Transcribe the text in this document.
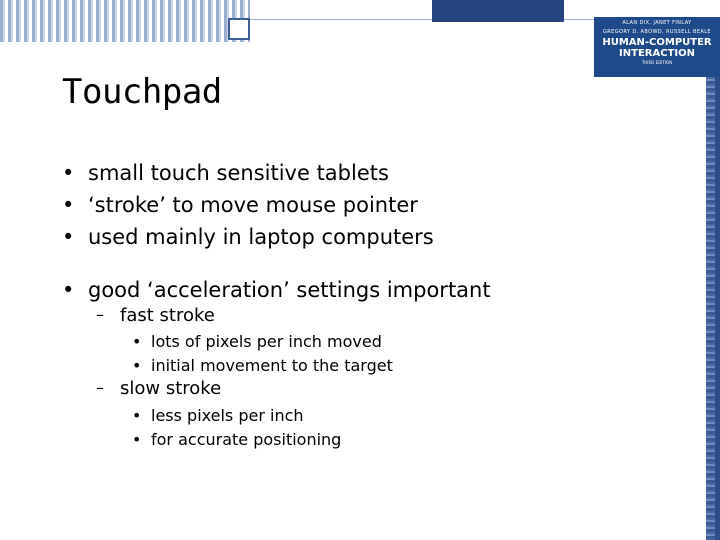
ALAN DIX, JANET FINLAY
GREGORY D. ABOWD, RUSSELL BEALE
HUMAN-COMPUTER
INTERACTION
THIRD EDITION
Touchpad
• small touch sensitive tablets
• ‘stroke’ to move mouse pointer
• used mainly in laptop computers
• good ‘acceleration’ settings important
– fast stroke
• lots of pixels per inch moved
• initial movement to the target
– slow stroke
• less pixels per inch
• for accurate positioning
